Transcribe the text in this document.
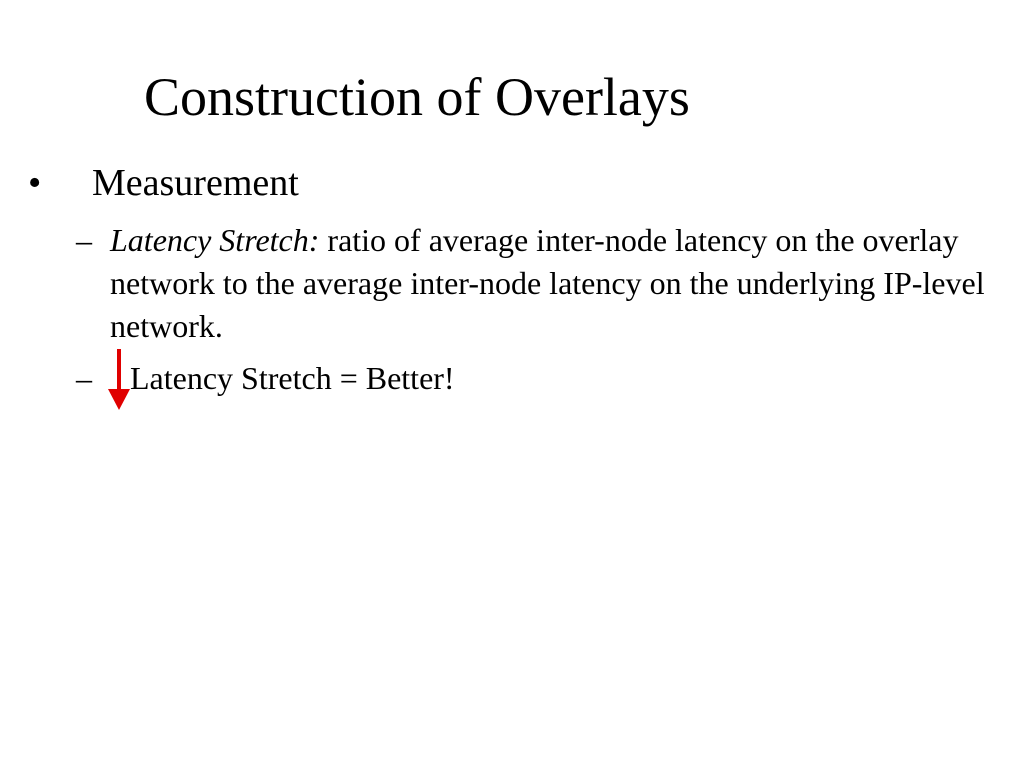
Construction of Overlays
• Measurement
– Latency Stretch: ratio of average inter-node latency on the overlay network to the average inter-node latency on the underlying IP-level network.
– Latency Stretch = Better!
